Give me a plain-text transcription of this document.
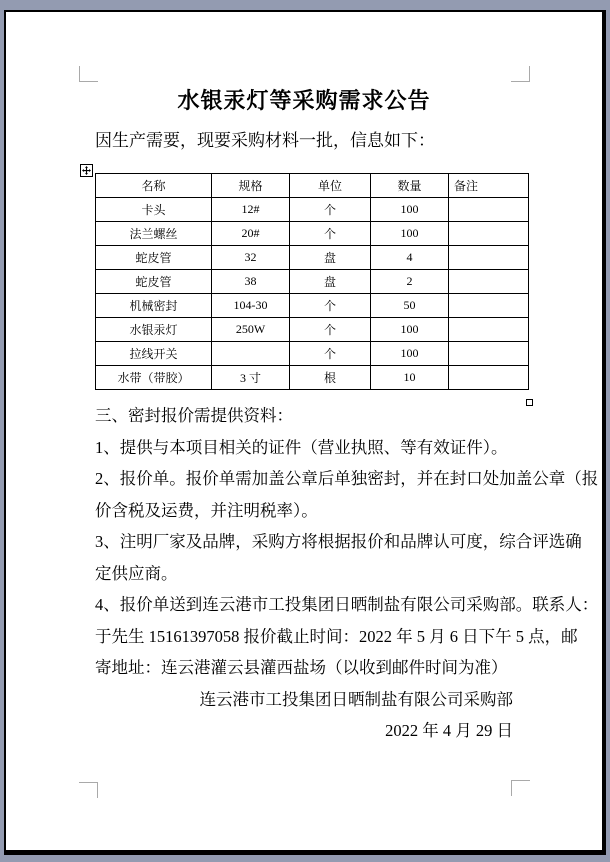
水银汞灯等采购需求公告

因生产需要，现要采购材料一批，信息如下：

名称	规格	单位	数量	备注
卡头	12#	个	100	
法兰螺丝	20#	个	100	
蛇皮管	32	盘	4	
蛇皮管	38	盘	2	
机械密封	104-30	个	50	
水银汞灯	250W	个	100	
拉线开关		个	100	
水带（带胶）	3 寸	根	10	
三、密封报价需提供资料：
1、提供与本项目相关的证件（营业执照、等有效证件）。
2、报价单。报价单需加盖公章后单独密封，并在封口处加盖公章（报
价含税及运费，并注明税率）。
3、注明厂家及品牌，采购方将根据报价和品牌认可度，综合评选确
定供应商。
4、报价单送到连云港市工投集团日晒制盐有限公司采购部。联系人：
于先生 15161397058 报价截止时间：2022 年 5 月 6 日下午 5 点，邮
寄地址：连云港灌云县灌西盐场（以收到邮件时间为准）
连云港市工投集团日晒制盐有限公司采购部
2022 年 4 月 29 日
